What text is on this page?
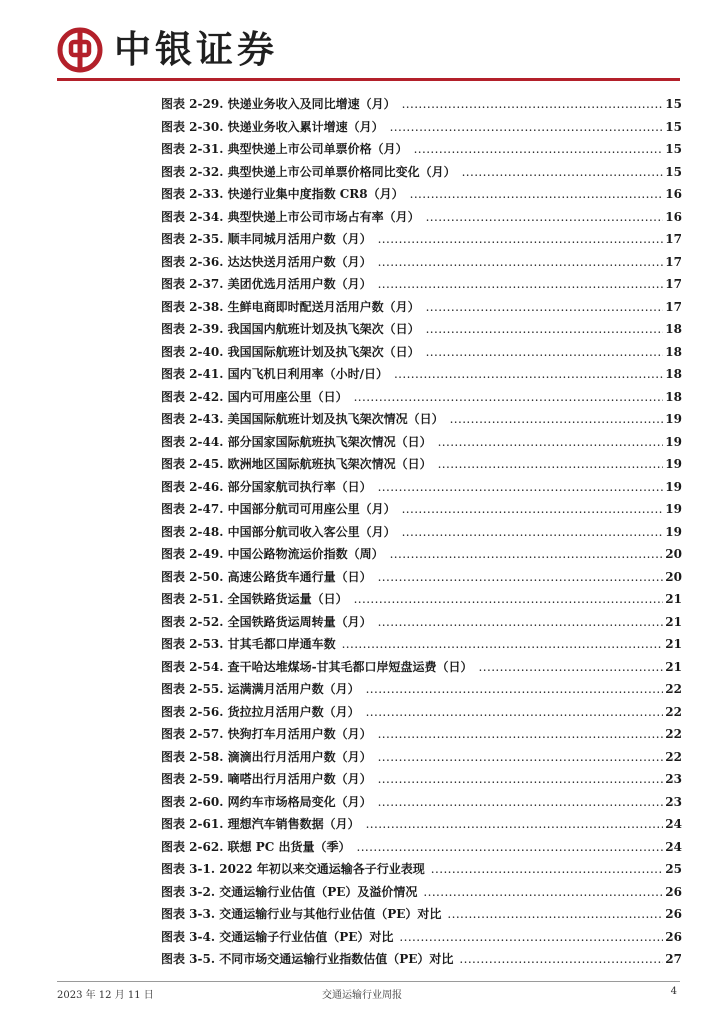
中银证券
图表 2-29. 快递业务收入及同比增速（月） .....	15
图表 2-30. 快递业务收入累计增速（月） .....	15
图表 2-31. 典型快递上市公司单票价格（月） .....	15
图表 2-32. 典型快递上市公司单票价格同比变化（月） .....	15
图表 2-33. 快递行业集中度指数 CR8（月） .....	16
图表 2-34. 典型快递上市公司市场占有率（月） .....	16
图表 2-35. 顺丰同城月活用户数（月） .....	17
图表 2-36. 达达快送月活用户数（月） .....	17
图表 2-37. 美团优选月活用户数（月） .....	17
图表 2-38. 生鲜电商即时配送月活用户数（月） .....	17
图表 2-39. 我国国内航班计划及执飞架次（日） .....	18
图表 2-40. 我国国际航班计划及执飞架次（日） .....	18
图表 2-41. 国内飞机日利用率（小时/日） .....	18
图表 2-42. 国内可用座公里（日） .....	18
图表 2-43. 美国国际航班计划及执飞架次情况（日） .....	19
图表 2-44. 部分国家国际航班执飞架次情况（日） .....	19
图表 2-45. 欧洲地区国际航班执飞架次情况（日） .....	19
图表 2-46. 部分国家航司执行率（日） .....	19
图表 2-47. 中国部分航司可用座公里（月） .....	19
图表 2-48. 中国部分航司收入客公里（月） .....	19
图表 2-49. 中国公路物流运价指数（周） .....	20
图表 2-50. 高速公路货车通行量（日） .....	20
图表 2-51. 全国铁路货运量（日） .....	21
图表 2-52. 全国铁路货运周转量（月） .....	21
图表 2-53. 甘其毛都口岸通车数 .....	21
图表 2-54. 查干哈达堆煤场-甘其毛都口岸短盘运费（日） .....	21
图表 2-55. 运满满月活用户数（月） .....	22
图表 2-56. 货拉拉月活用户数（月） .....	22
图表 2-57. 快狗打车月活用户数（月） .....	22
图表 2-58. 滴滴出行月活用户数（月） .....	22
图表 2-59. 嘀嗒出行月活用户数（月） .....	23
图表 2-60. 网约车市场格局变化（月） .....	23
图表 2-61. 理想汽车销售数据（月） .....	24
图表 2-62. 联想 PC 出货量（季） .....	24
图表 3-1. 2022 年初以来交通运输各子行业表现 .....	25
图表 3-2. 交通运输行业估值（PE）及溢价情况 .....	26
图表 3-3. 交通运输行业与其他行业估值（PE）对比 .....	26
图表 3-4. 交通运输子行业估值（PE）对比 .....	26
图表 3-5. 不同市场交通运输行业指数估值（PE）对比 .....	27
2023 年 12 月 11 日	交通运输行业周报	4
